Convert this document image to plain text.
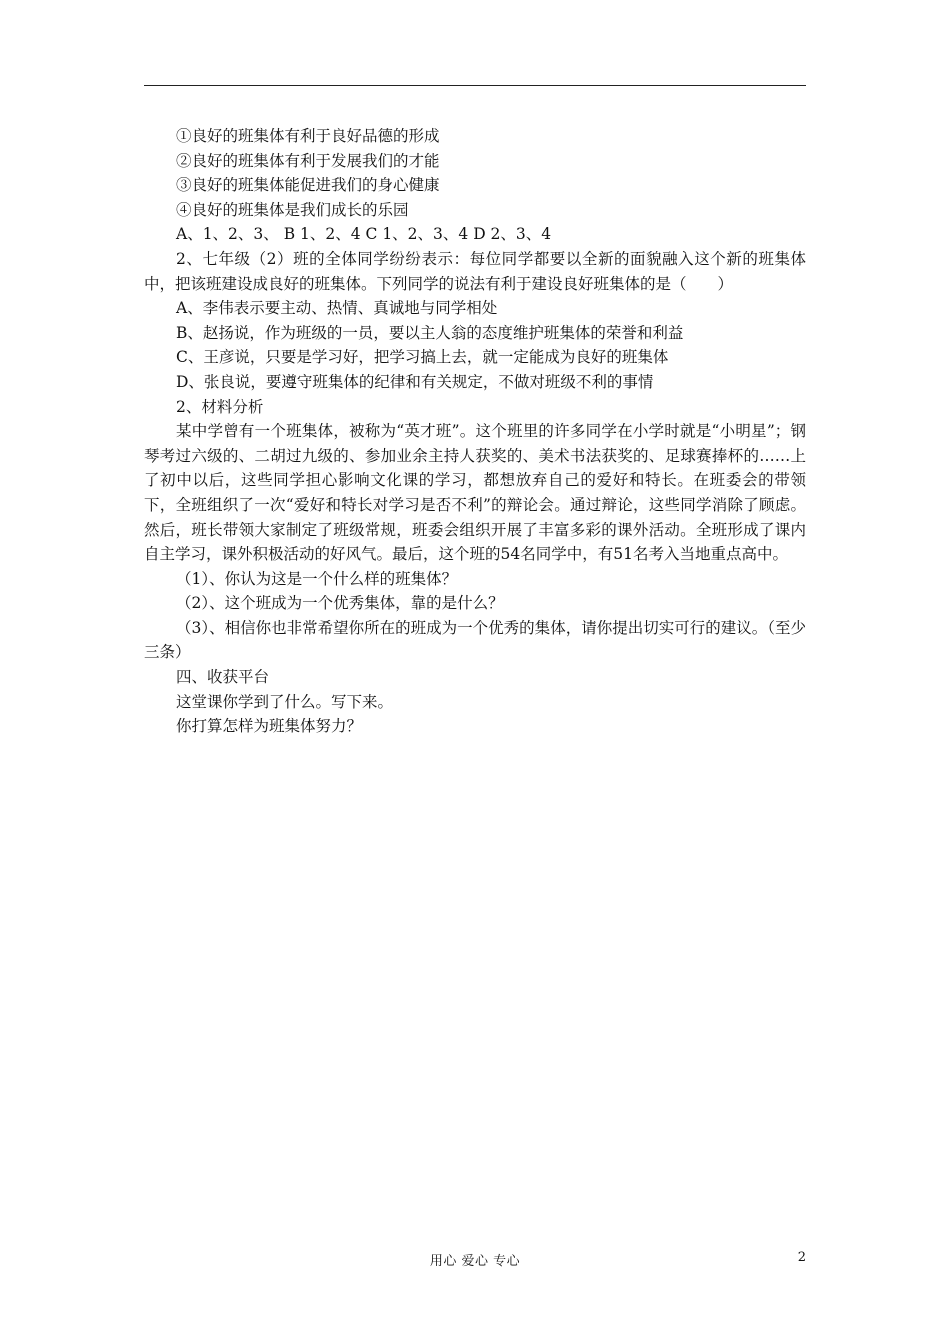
①良好的班集体有利于良好品德的形成

②良好的班集体有利于发展我们的才能

③良好的班集体能促进我们的身心健康

④良好的班集体是我们成长的乐园

A、1、2、3、 B 1、2、4 C 1、2、3、4 D 2、3、4

2、七年级（2）班的全体同学纷纷表示：每位同学都要以全新的面貌融入这个新的班集体中，把该班建设成良好的班集体。下列同学的说法有利于建设良好班集体的是（　　）

A、李伟表示要主动、热情、真诚地与同学相处

B、赵扬说，作为班级的一员，要以主人翁的态度维护班集体的荣誉和利益

C、王彦说，只要是学习好，把学习搞上去，就一定能成为良好的班集体

D、张良说，要遵守班集体的纪律和有关规定，不做对班级不利的事情

2、材料分析

某中学曾有一个班集体，被称为“英才班”。这个班里的许多同学在小学时就是“小明星”；钢琴考过六级的、二胡过九级的、参加业余主持人获奖的、美术书法获奖的、足球赛捧杯的……上了初中以后，这些同学担心影响文化课的学习，都想放弃自己的爱好和特长。在班委会的带领下，全班组织了一次“爱好和特长对学习是否不利”的辩论会。通过辩论，这些同学消除了顾虑。然后，班长带领大家制定了班级常规，班委会组织开展了丰富多彩的课外活动。全班形成了课内自主学习，课外积极活动的好风气。最后，这个班的54名同学中，有51名考入当地重点高中。

（1）、你认为这是一个什么样的班集体？

（2）、这个班成为一个优秀集体，靠的是什么？

（3）、相信你也非常希望你所在的班成为一个优秀的集体，请你提出切实可行的建议。（至少三条）

四、收获平台

这堂课你学到了什么。写下来。

你打算怎样为班集体努力？

用心 爱心 专心	2
